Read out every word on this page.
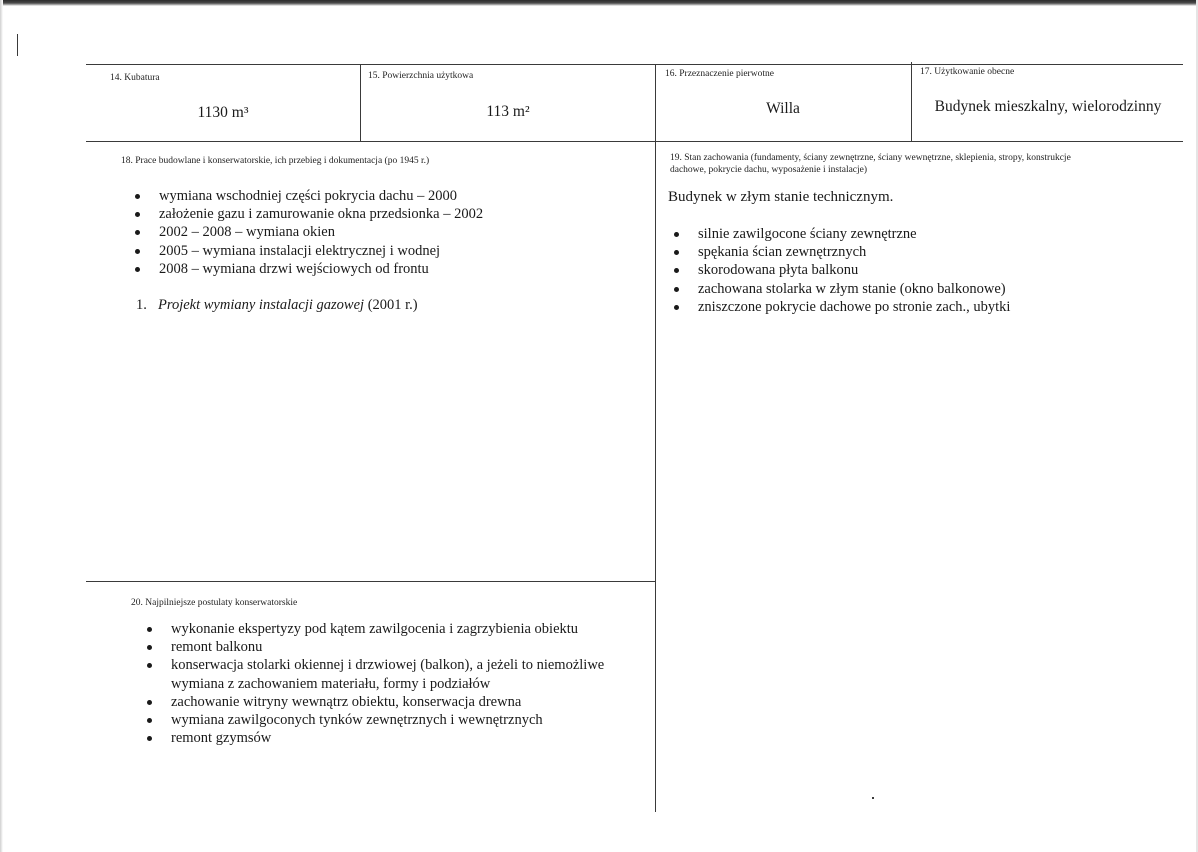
14. Kubatura
1130 m³
15. Powierzchnia użytkowa
113 m²
16. Przeznaczenie pierwotne
Willa
17. Użytkowanie obecne
Budynek mieszkalny, wielorodzinny
18. Prace budowlane i konserwatorskie, ich przebieg i dokumentacja (po 1945 r.)
wymiana wschodniej części pokrycia dachu – 2000
założenie gazu i zamurowanie okna przedsionka – 2002
2002 – 2008 – wymiana okien
2005 – wymiana instalacji elektrycznej i wodnej
2008 – wymiana drzwi wejściowych od frontu
1. Projekt wymiany instalacji gazowej (2001 r.)
19. Stan zachowania (fundamenty, ściany zewnętrzne, ściany wewnętrzne, sklepienia, stropy, konstrukcje
dachowe, pokrycie dachu, wyposażenie i instalacje)
Budynek w złym stanie technicznym.
silnie zawilgocone ściany zewnętrzne
spękania ścian zewnętrznych
skorodowana płyta balkonu
zachowana stolarka w złym stanie (okno balkonowe)
zniszczone pokrycie dachowe po stronie zach., ubytki
20. Najpilniejsze postulaty konserwatorskie
wykonanie ekspertyzy pod kątem zawilgocenia i zagrzybienia obiektu
remont balkonu
konserwacja stolarki okiennej i drzwiowej (balkon), a jeżeli to niemożliwe
wymiana z zachowaniem materiału, formy i podziałów
zachowanie witryny wewnątrz obiektu, konserwacja drewna
wymiana zawilgoconych tynków zewnętrznych i wewnętrznych
remont gzymsów
